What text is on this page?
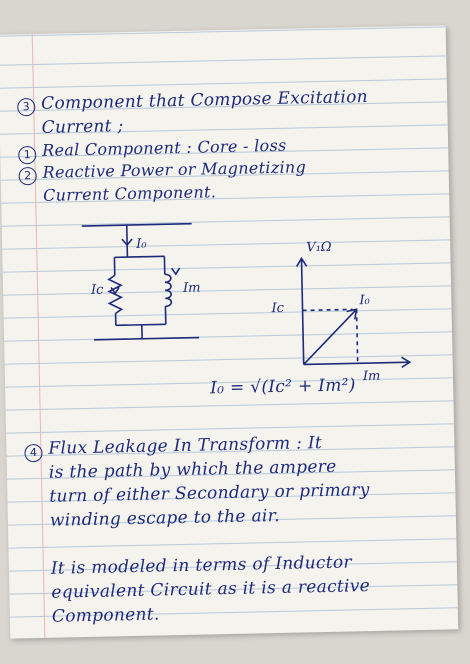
3 Component that Compose Excitation
Current ;
1 Real Component : Core - loss
2 Reactive Power or Magnetizing
Current Component.
I₀
Ic	Im
V₁Ω
Ic
I₀
Im
I₀ = √(Ic² + Im²)
4 Flux Leakage In Transform : It
is the path by which the ampere
turn of either Secondary or primary
winding escape to the air.
It is modeled in terms of Inductor
equivalent Circuit as it is a reactive
Component.
